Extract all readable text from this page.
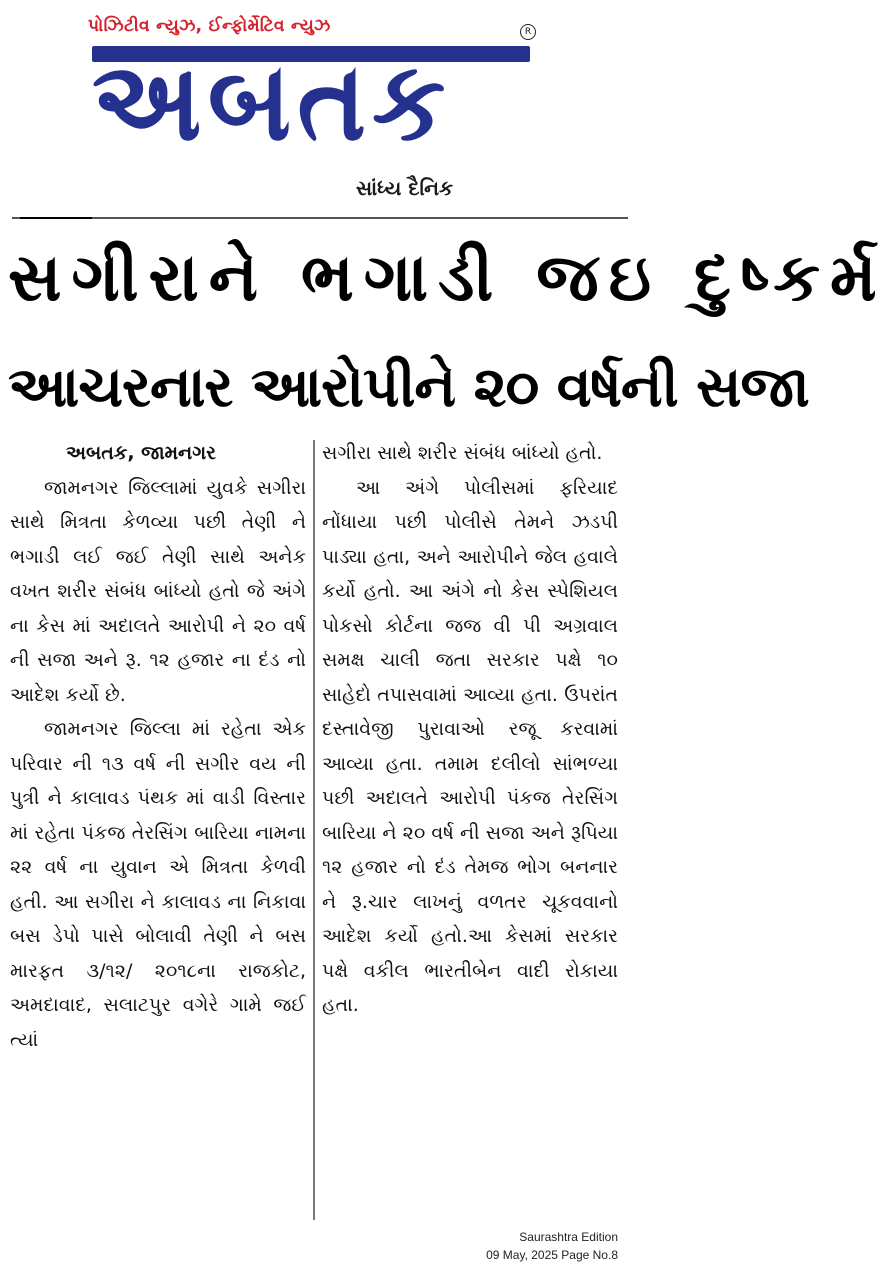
પોઝિટીવ ન્યુઝ, ઈન્ફોર્મેટિવ ન્યુઝ	R
અબતક
સાંધ્ય દૈનિક
સગીરાને ભગાડી જઇ દુષ્કર્મ
આચરનાર આરોપીને ૨૦ વર્ષની સજા
અબતક, જામનગર
જામનગર જિલ્લામાં યુવકે સગીરા સાથે મિત્રતા કેળવ્યા પછી તેણી ને ભગાડી લઈ જઈ તેણી સાથે અનેક વખત શરીર સંબંધ બાંધ્યો હતો જે અંગે ના કેસ માં અદાલતે આરોપી ને ૨૦ વર્ષ ની સજા અને રૂ. ૧૨ હજાર ના દંડ નો આદેશ કર્યો છે.
જામનગર જિલ્લા માં રહેતા એક પરિવાર ની ૧૩ વર્ષ ની સગીર વય ની પુત્રી ને કાલાવડ પંથક માં વાડી વિસ્તાર માં રહેતા પંકજ તેરસિંગ બારિયા નામના ૨૨ વર્ષ ના યુવાન એ મિત્રતા કેળવી હતી. આ સગીરા ને કાલાવડ ના નિકાવા બસ ડેપો પાસે બોલાવી તેણી ને બસ મારફત ૩/૧૨/ ૨૦૧૮ના રાજકોટ, અમદાવાદ, સલાટપુર વગેરે ગામે જઈ ત્યાં
સગીરા સાથે શરીર સંબંધ બાંધ્યો હતો.
આ અંગે પોલીસમાં ફરિયાદ નોંધાયા પછી પોલીસે તેમને ઝડપી પાડ્યા હતા, અને આરોપીને જેલ હવાલે કર્યો હતો. આ અંગે નો કેસ સ્પેશિયલ પોકસો કોર્ટના જજ વી પી અગ્રવાલ સમક્ષ ચાલી જતા સરકાર પક્ષે ૧૦ સાહેદો તપાસવામાં આવ્યા હતા. ઉપરાંત દસ્તાવેજી પુરાવાઓ રજૂ કરવામાં આવ્યા હતા. તમામ દલીલો સાંભળ્યા પછી અદાલતે આરોપી પંકજ તેરસિંગ બારિયા ને ૨૦ વર્ષ ની સજા અને રૂપિયા ૧૨ હજાર નો દંડ તેમજ ભોગ બનનાર ને રૂ.ચાર લાખનું વળતર ચૂકવવાનો આદેશ કર્યો હતો.આ કેસમાં સરકાર પક્ષે વકીલ ભારતીબેન વાદી રોકાયા હતા.
Saurashtra Edition
09 May, 2025 Page No.8
